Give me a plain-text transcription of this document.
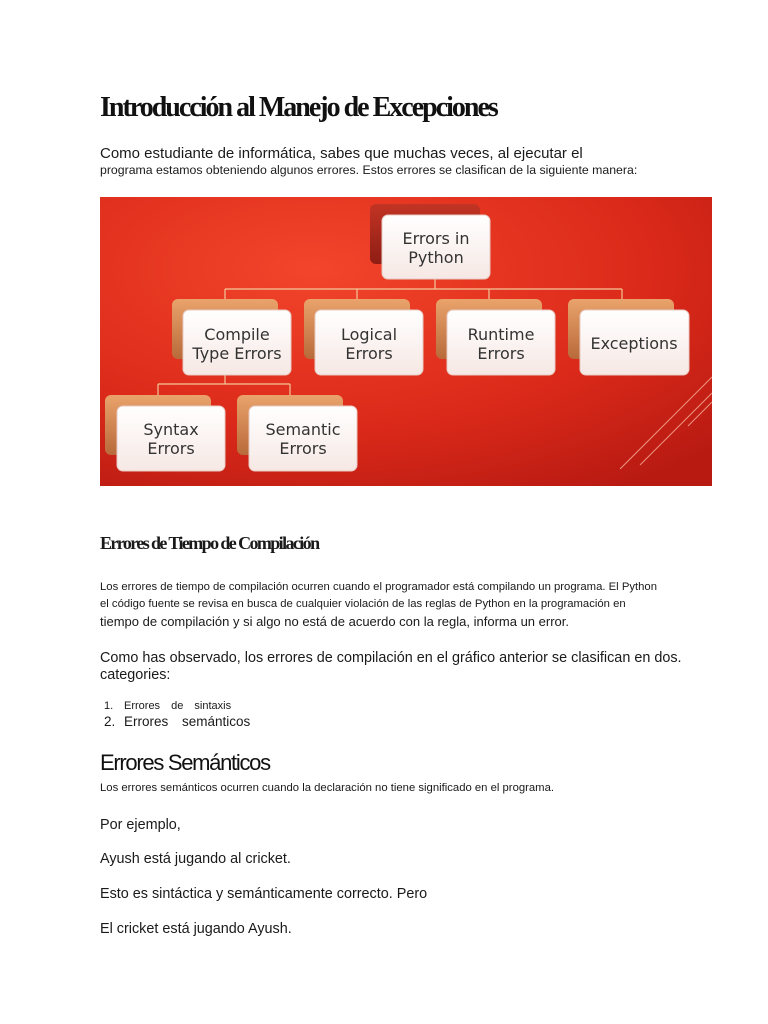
Introducción al Manejo de Excepciones
Como estudiante de informática, sabes que muchas veces, al ejecutar el
programa estamos obteniendo algunos errores. Estos errores se clasifican de la siguiente manera:
Errors in
Python
Compile
Type Errors
Logical
Errors
Runtime
Errors
Exceptions
Syntax
Errors
Semantic
Errors
Errores de Tiempo de Compilación
Los errores de tiempo de compilación ocurren cuando el programador está compilando un programa. El Python
el código fuente se revisa en busca de cualquier violación de las reglas de Python en la programación en
tiempo de compilación y si algo no está de acuerdo con la regla, informa un error.
Como has observado, los errores de compilación en el gráfico anterior se clasifican en dos.
categories:
1. Errores de sintaxis
2. Errores semánticos
Errores Semánticos
Los errores semánticos ocurren cuando la declaración no tiene significado en el programa.
Por ejemplo,
Ayush está jugando al cricket.
Esto es sintáctica y semánticamente correcto. Pero
El cricket está jugando Ayush.
